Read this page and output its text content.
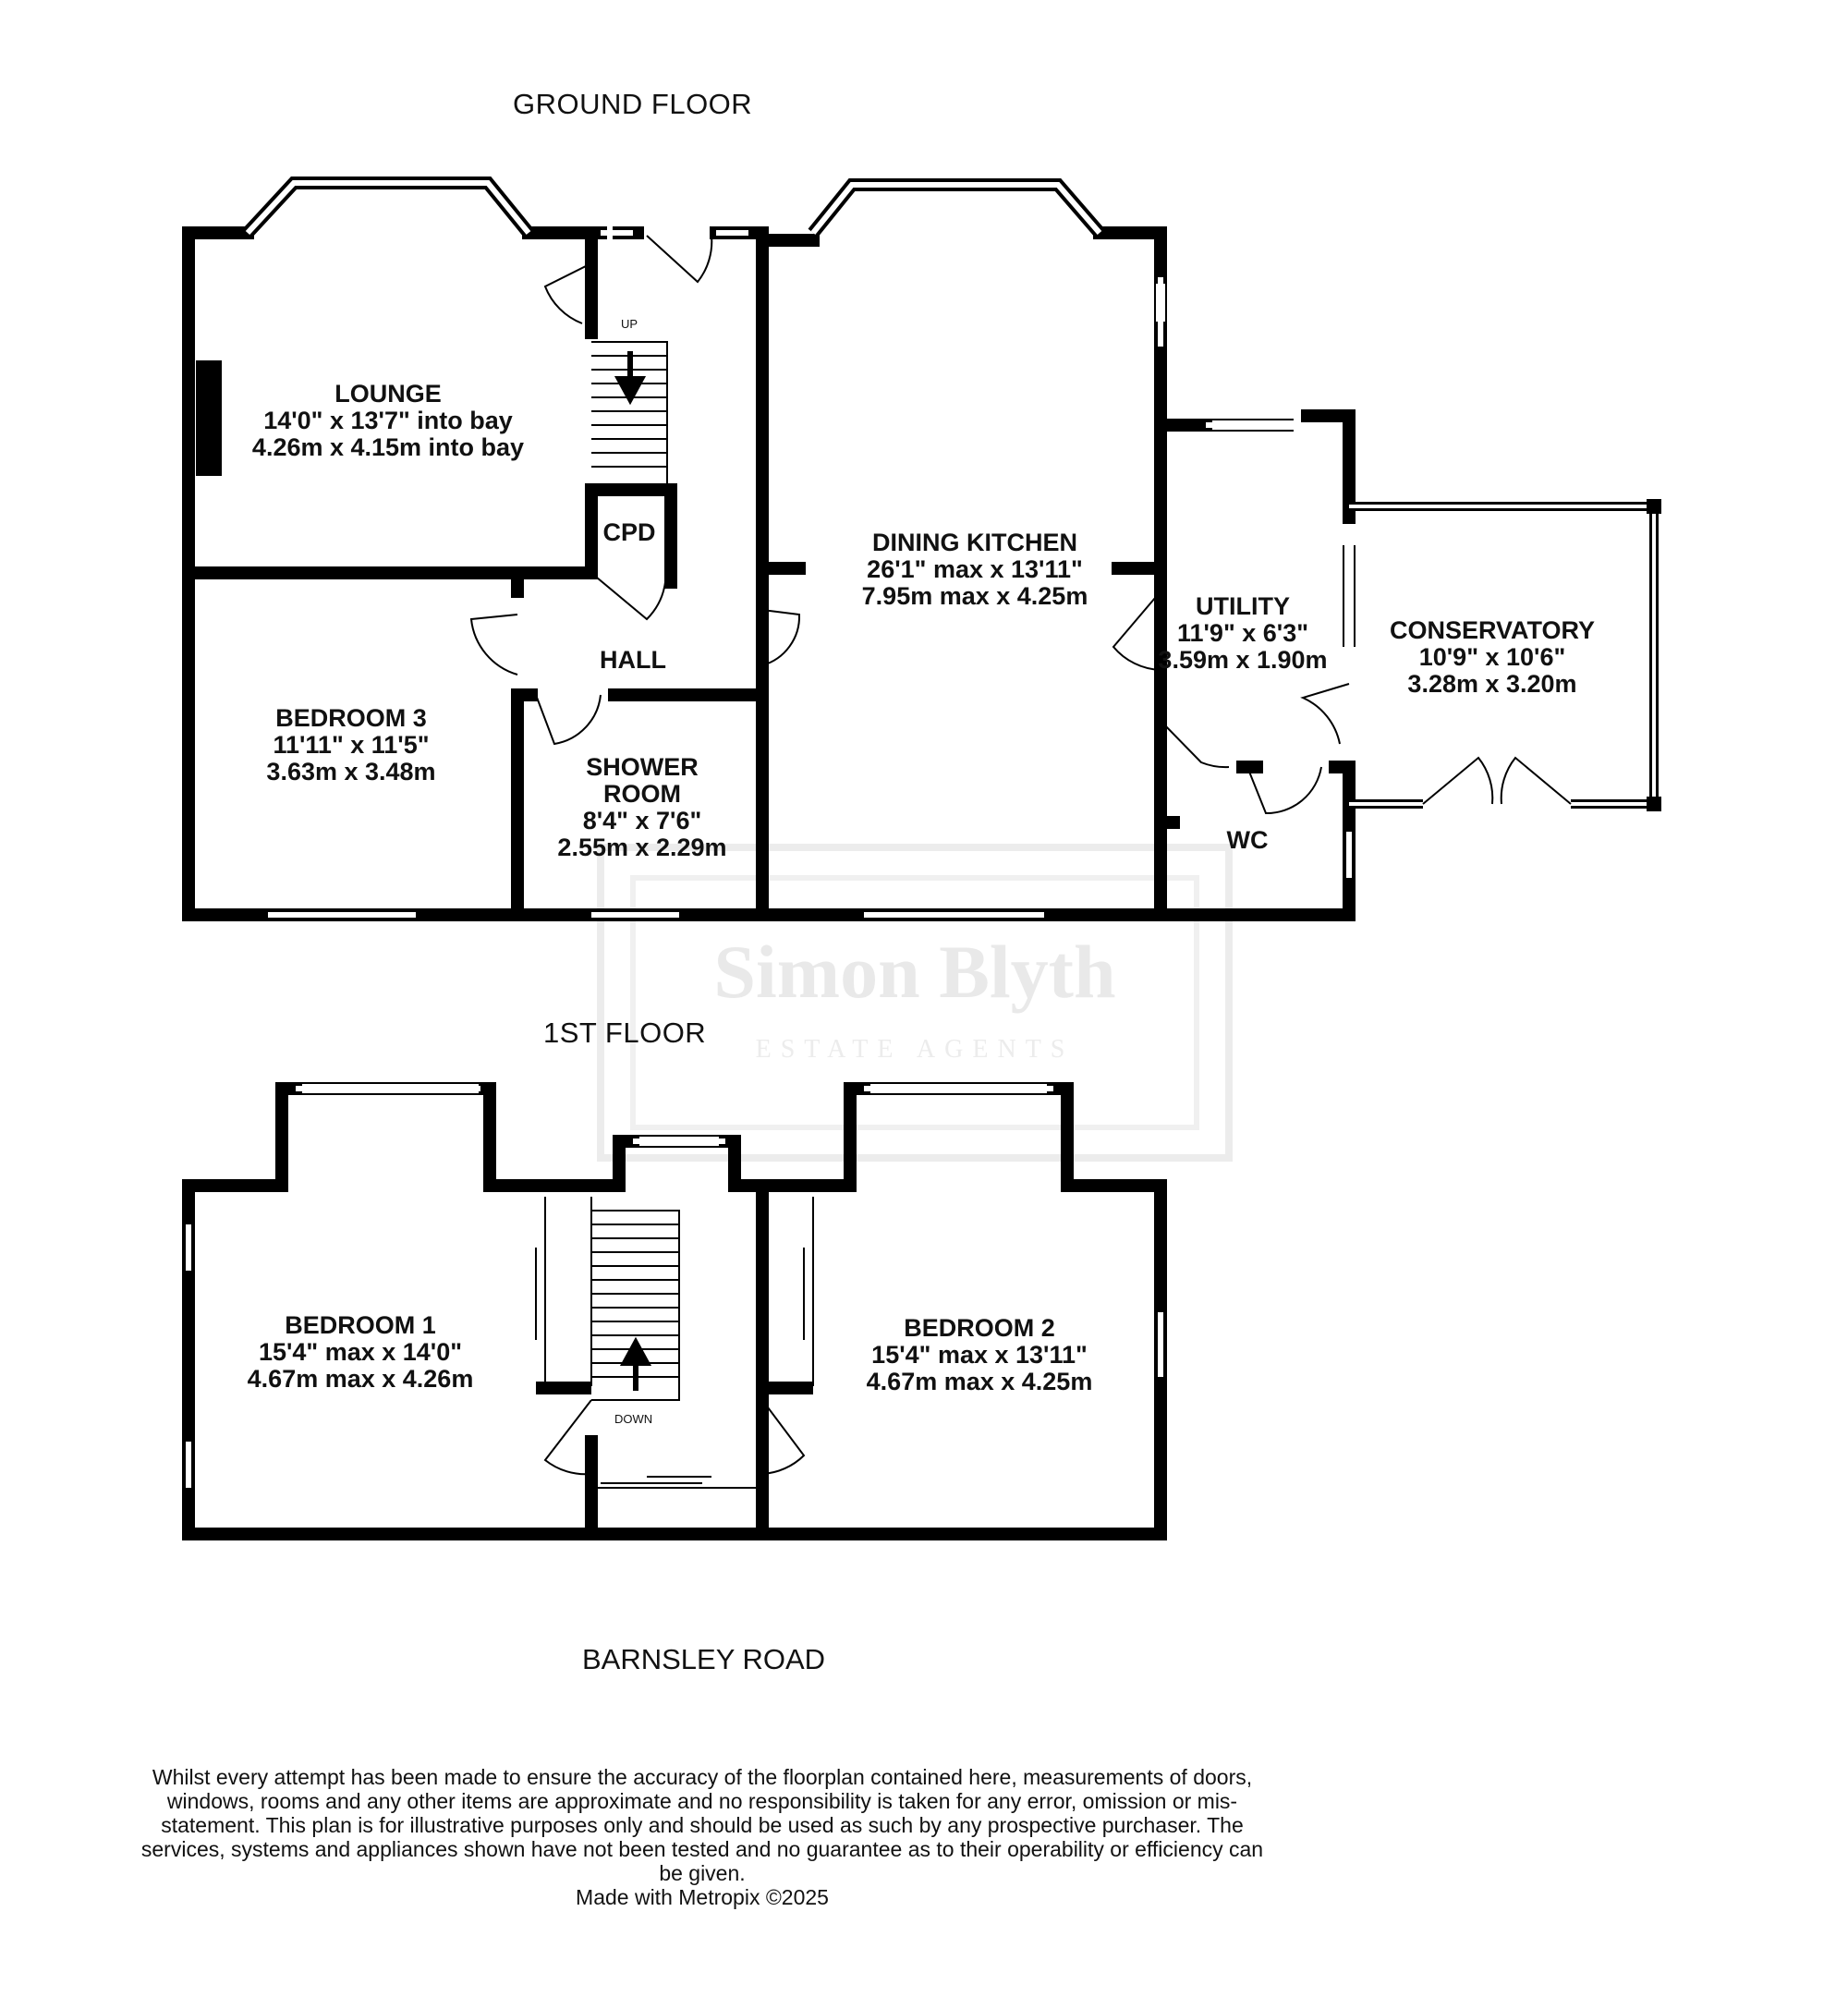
Simon Blyth
ESTATE AGENTS
GROUND FLOOR
1ST FLOOR
LOUNGE
14'0" x 13'7" into bay
4.26m x 4.15m into bay
CPD	DINING KITCHEN
26'1" max x 13'11"
7.95m max x 4.25m	UTILITY
11'9" x 6'3"
3.59m x 1.90m
CONSERVATORY
10'9" x 10'6"
3.28m x 3.20m
HALL
BEDROOM 3
11'11" x 11'5"
3.63m x 3.48m	SHOWER
ROOM
8'4" x 7'6"
2.55m x 2.29m	WC
BEDROOM 1
15'4" max x 14'0"
4.67m max x 4.26m
BEDROOM 2
15'4" max x 13'11"
4.67m max x 4.25m
UP
DOWN
BARNSLEY ROAD
Whilst every attempt has been made to ensure the accuracy of the floorplan contained here, measurements of doors, windows, rooms and any other items are approximate and no responsibility is taken for any error, omission or mis-statement. This plan is for illustrative purposes only and should be used as such by any prospective purchaser. The services, systems and appliances shown have not been tested and no guarantee as to their operability or efficiency can be given.
Made with Metropix ©2025
